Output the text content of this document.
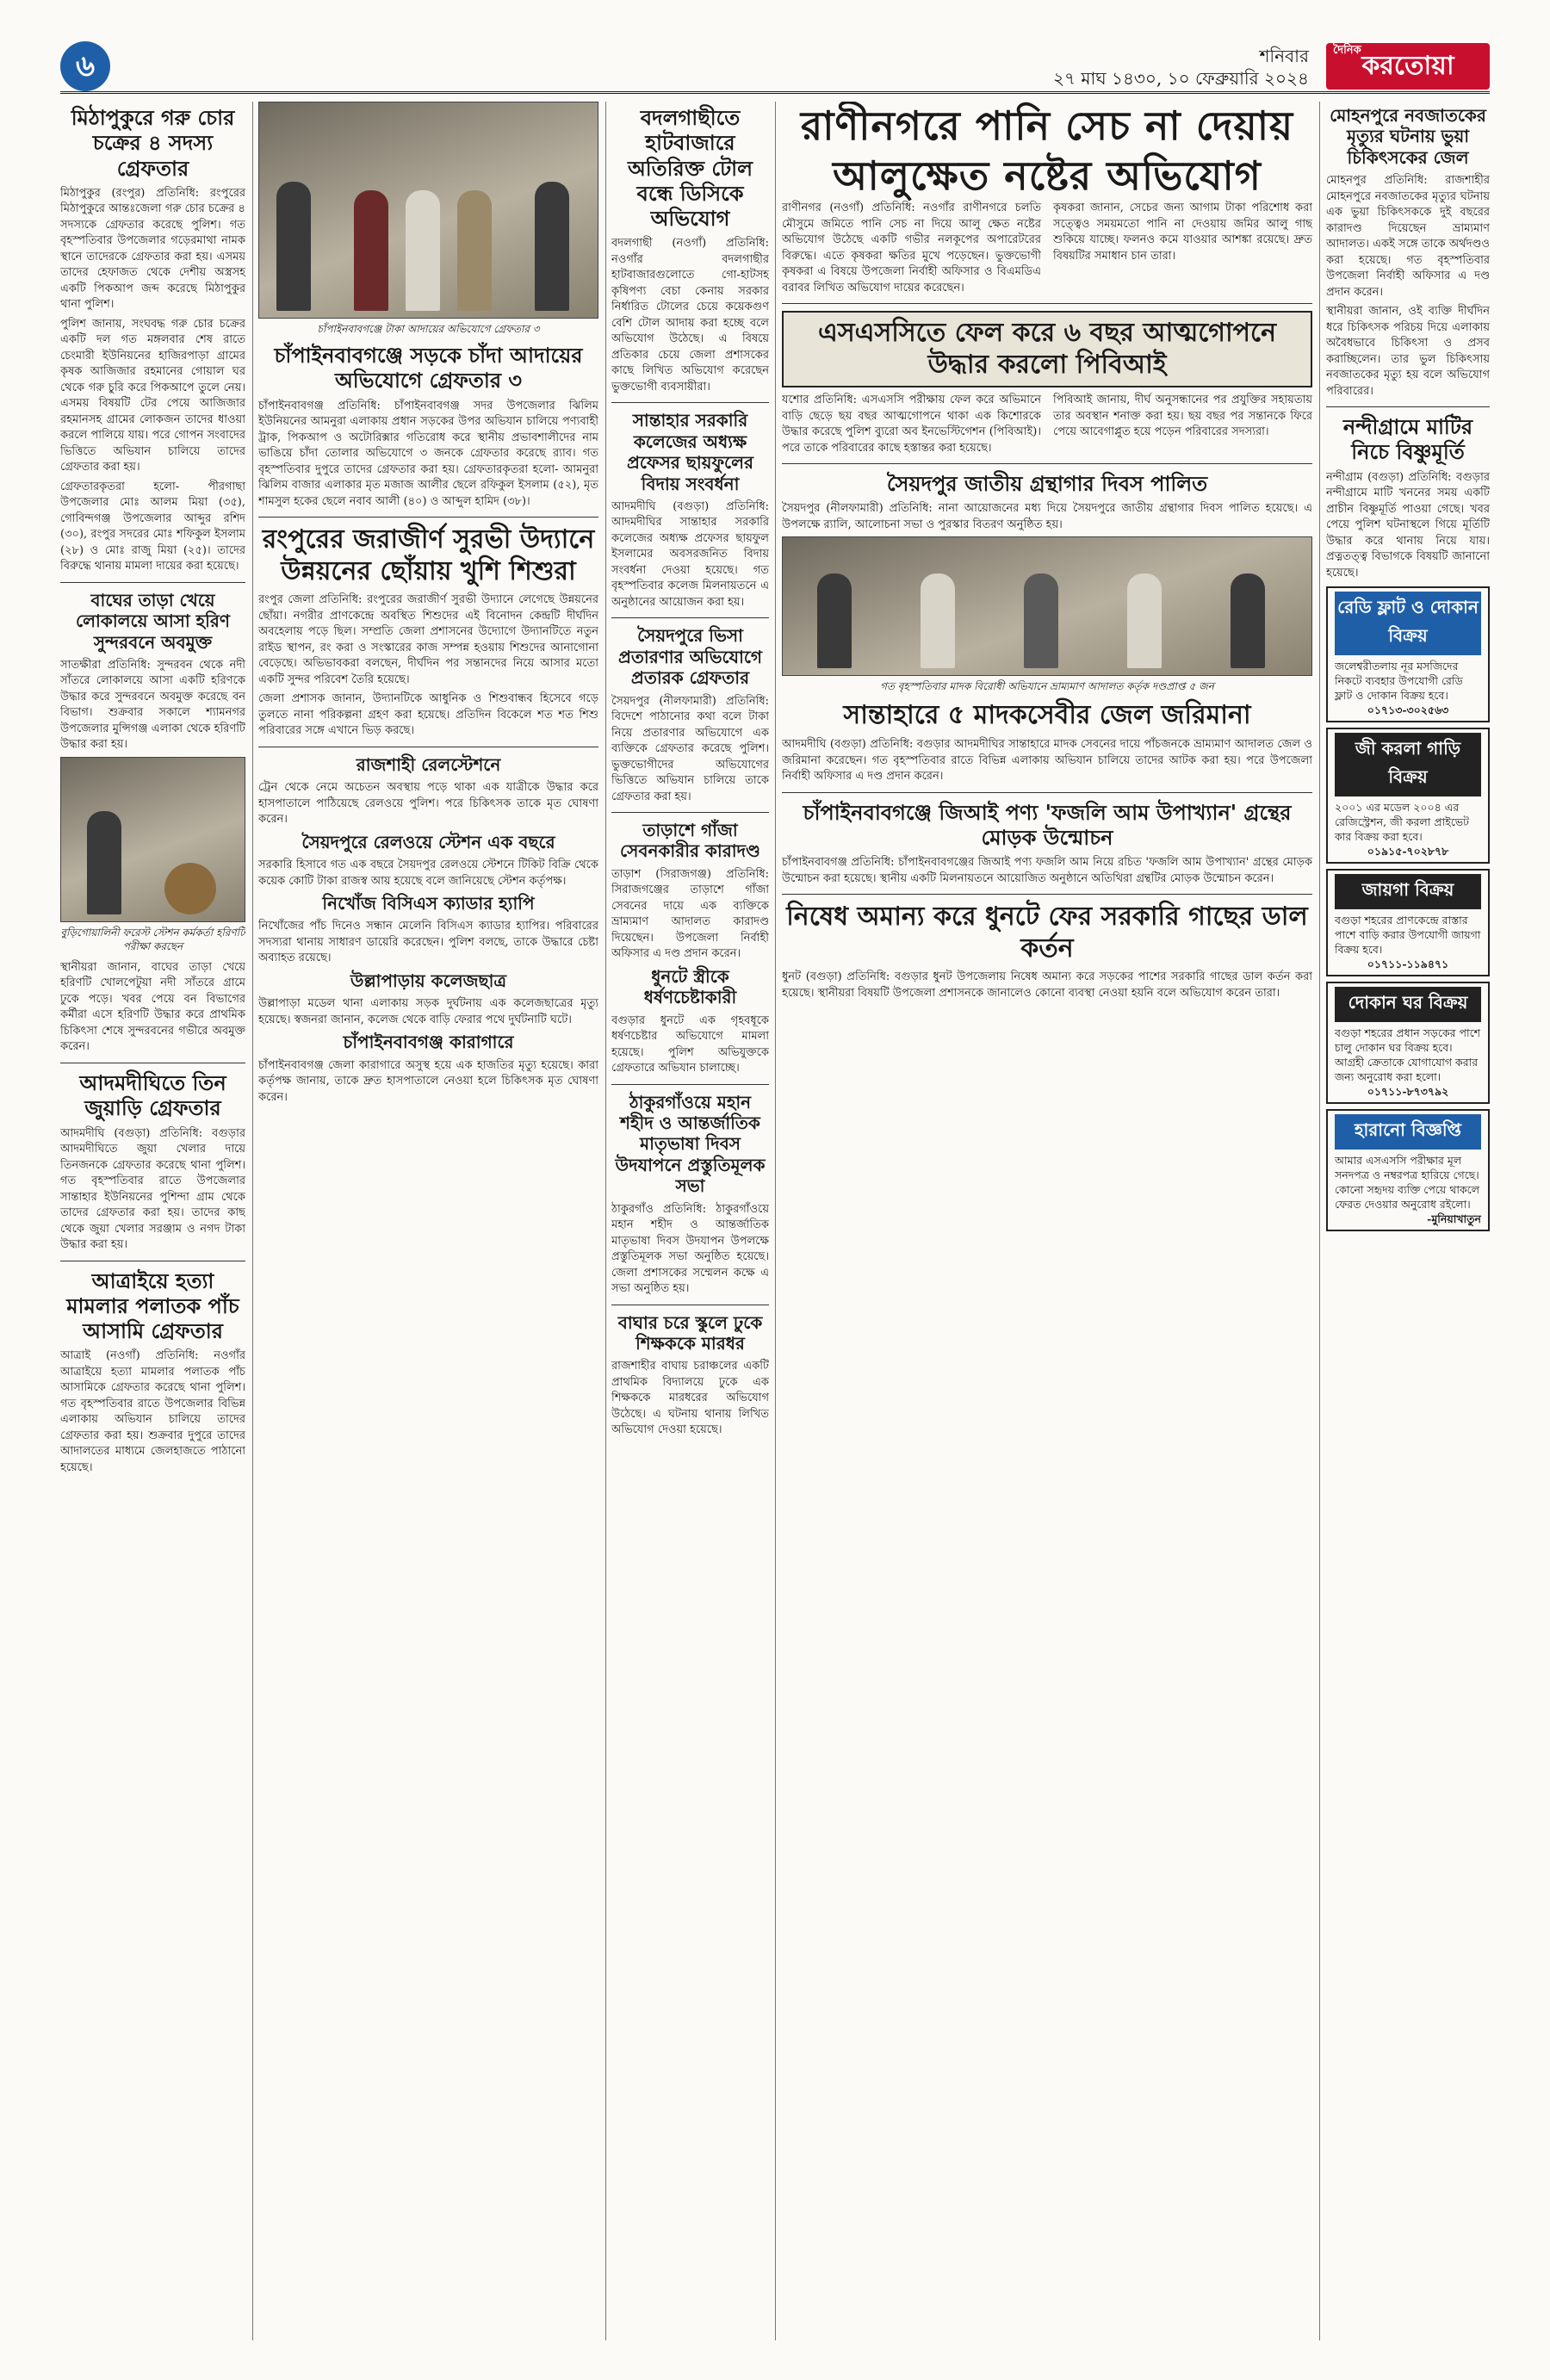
৬	শনিবার
২৭ মাঘ ১৪৩০, ১০ ফেব্রুয়ারি ২০২৪
দৈনিক
করতোয়া
মিঠাপুকুরে গরু চোর চক্রের ৪ সদস্য গ্রেফতার

মিঠাপুকুর (রংপুর) প্রতিনিধি: রংপুরের মিঠাপুকুরে আন্তঃজেলা গরু চোর চক্রের ৪ সদস্যকে গ্রেফতার করেছে পুলিশ। গত বৃহস্পতিবার উপজেলার গড়েরমাথা নামক স্থানে তাদেরকে গ্রেফতার করা হয়। এসময় তাদের হেফাজত থেকে দেশীয় অস্ত্রসহ একটি পিকআপ জব্দ করেছে মিঠাপুকুর থানা পুলিশ।

পুলিশ জানায়, সংঘবদ্ধ গরু চোর চক্রের একটি দল গত মঙ্গলবার শেষ রাতে চেংমারী ইউনিয়নের হাজিরপাড়া গ্রামের কৃষক আজিজার রহমানের গোয়াল ঘর থেকে গরু চুরি করে পিকআপে তুলে নেয়। এসময় বিষয়টি টের পেয়ে আজিজার রহমানসহ গ্রামের লোকজন তাদের ধাওয়া করলে পালিয়ে যায়। পরে গোপন সংবাদের ভিত্তিতে অভিযান চালিয়ে তাদের গ্রেফতার করা হয়।

গ্রেফতারকৃতরা হলো- পীরগাছা উপজেলার মোঃ আলম মিয়া (৩৫), গোবিন্দগঞ্জ উপজেলার আব্দুর রশিদ (৩০), রংপুর সদরের মোঃ শফিকুল ইসলাম (২৮) ও মোঃ রাজু মিয়া (২৫)। তাদের বিরুদ্ধে থানায় মামলা দায়ের করা হয়েছে।

বাঘের তাড়া খেয়ে লোকালয়ে আসা হরিণ সুন্দরবনে অবমুক্ত

সাতক্ষীরা প্রতিনিধি: সুন্দরবন থেকে নদী সাঁতরে লোকালয়ে আসা একটি হরিণকে উদ্ধার করে সুন্দরবনে অবমুক্ত করেছে বন বিভাগ। শুক্রবার সকালে শ্যামনগর উপজেলার মুন্সিগঞ্জ এলাকা থেকে হরিণটি উদ্ধার করা হয়।

বুড়িগোয়ালিনী ফরেস্ট স্টেশন কর্মকর্তা হরিণটি পরীক্ষা করছেন

স্থানীয়রা জানান, বাঘের তাড়া খেয়ে হরিণটি খোলপেটুয়া নদী সাঁতরে গ্রামে ঢুকে পড়ে। খবর পেয়ে বন বিভাগের কর্মীরা এসে হরিণটি উদ্ধার করে প্রাথমিক চিকিৎসা শেষে সুন্দরবনের গভীরে অবমুক্ত করেন।

আদমদীঘিতে তিন জুয়াড়ি গ্রেফতার

আদমদীঘি (বগুড়া) প্রতিনিধি: বগুড়ার আদমদীঘিতে জুয়া খেলার দায়ে তিনজনকে গ্রেফতার করেছে থানা পুলিশ। গত বৃহস্পতিবার রাতে উপজেলার সান্তাহার ইউনিয়নের পুশিন্দা গ্রাম থেকে তাদের গ্রেফতার করা হয়। তাদের কাছ থেকে জুয়া খেলার সরঞ্জাম ও নগদ টাকা উদ্ধার করা হয়।

আত্রাইয়ে হত্যা মামলার পলাতক পাঁচ আসামি গ্রেফতার

আত্রাই (নওগাঁ) প্রতিনিধি: নওগাঁর আত্রাইয়ে হত্যা মামলার পলাতক পাঁচ আসামিকে গ্রেফতার করেছে থানা পুলিশ। গত বৃহস্পতিবার রাতে উপজেলার বিভিন্ন এলাকায় অভিযান চালিয়ে তাদের গ্রেফতার করা হয়। শুক্রবার দুপুরে তাদের আদালতের মাধ্যমে জেলহাজতে পাঠানো হয়েছে।

চাঁপাইনবাবগঞ্জে টাকা আদায়ের অভিযোগে গ্রেফতার ৩
চাঁপাইনবাবগঞ্জে সড়কে চাঁদা আদায়ের অভিযোগে গ্রেফতার ৩

চাঁপাইনবাবগঞ্জ প্রতিনিধি: চাঁপাইনবাবগঞ্জ সদর উপজেলার ঝিলিম ইউনিয়নের আমনুরা এলাকায় প্রধান সড়কের উপর অভিযান চালিয়ে পণ্যবাহী ট্রাক, পিকআপ ও অটোরিক্সার গতিরোধ করে স্থানীয় প্রভাবশালীদের নাম ভাঙিয়ে চাঁদা তোলার অভিযোগে ৩ জনকে গ্রেফতার করেছে র‍্যাব। গত বৃহস্পতিবার দুপুরে তাদের গ্রেফতার করা হয়। গ্রেফতারকৃতরা হলো- আমনুরা ঝিলিম বাজার এলাকার মৃত মজাজ আলীর ছেলে রফিকুল ইসলাম (৫২), মৃত শামসুল হকের ছেলে নবাব আলী (৪০) ও আব্দুল হামিদ (৩৮)।

রংপুরের জরাজীর্ণ সুরভী উদ্যানে উন্নয়নের ছোঁয়ায় খুশি শিশুরা

রংপুর জেলা প্রতিনিধি: রংপুরের জরাজীর্ণ সুরভী উদ্যানে লেগেছে উন্নয়নের ছোঁয়া। নগরীর প্রাণকেন্দ্রে অবস্থিত শিশুদের এই বিনোদন কেন্দ্রটি দীর্ঘদিন অবহেলায় পড়ে ছিল। সম্প্রতি জেলা প্রশাসনের উদ্যোগে উদ্যানটিতে নতুন রাইড স্থাপন, রং করা ও সংস্কারের কাজ সম্পন্ন হওয়ায় শিশুদের আনাগোনা বেড়েছে। অভিভাবকরা বলছেন, দীর্ঘদিন পর সন্তানদের নিয়ে আসার মতো একটি সুন্দর পরিবেশ তৈরি হয়েছে।

জেলা প্রশাসক জানান, উদ্যানটিকে আধুনিক ও শিশুবান্ধব হিসেবে গড়ে তুলতে নানা পরিকল্পনা গ্রহণ করা হয়েছে। প্রতিদিন বিকেলে শত শত শিশু পরিবারের সঙ্গে এখানে ভিড় করছে।

রাজশাহী রেলস্টেশনে

ট্রেন থেকে নেমে অচেতন অবস্থায় পড়ে থাকা এক যাত্রীকে উদ্ধার করে হাসপাতালে পাঠিয়েছে রেলওয়ে পুলিশ। পরে চিকিৎসক তাকে মৃত ঘোষণা করেন।

সৈয়দপুরে রেলওয়ে স্টেশন এক বছরে

সরকারি হিসাবে গত এক বছরে সৈয়দপুর রেলওয়ে স্টেশনে টিকিট বিক্রি থেকে কয়েক কোটি টাকা রাজস্ব আয় হয়েছে বলে জানিয়েছে স্টেশন কর্তৃপক্ষ।

নিখোঁজ বিসিএস ক্যাডার হ্যাপি

নিখোঁজের পাঁচ দিনেও সন্ধান মেলেনি বিসিএস ক্যাডার হ্যাপির। পরিবারের সদস্যরা থানায় সাধারণ ডায়েরি করেছেন। পুলিশ বলছে, তাকে উদ্ধারে চেষ্টা অব্যাহত রয়েছে।

উল্লাপাড়ায় কলেজছাত্র

উল্লাপাড়া মডেল থানা এলাকায় সড়ক দুর্ঘটনায় এক কলেজছাত্রের মৃত্যু হয়েছে। স্বজনরা জানান, কলেজ থেকে বাড়ি ফেরার পথে দুর্ঘটনাটি ঘটে।

চাঁপাইনবাবগঞ্জ কারাগারে

চাঁপাইনবাবগঞ্জ জেলা কারাগারে অসুস্থ হয়ে এক হাজতির মৃত্যু হয়েছে। কারা কর্তৃপক্ষ জানায়, তাকে দ্রুত হাসপাতালে নেওয়া হলে চিকিৎসক মৃত ঘোষণা করেন।

বদলগাছীতে হাটবাজারে অতিরিক্ত টোল বন্ধে ডিসিকে অভিযোগ

বদলগাছী (নওগাঁ) প্রতিনিধি: নওগাঁর বদলগাছীর হাটবাজারগুলোতে গো-হাটসহ কৃষিপণ্য বেচা কেনায় সরকার নির্ধারিত টোলের চেয়ে কয়েকগুণ বেশি টোল আদায় করা হচ্ছে বলে অভিযোগ উঠেছে। এ বিষয়ে প্রতিকার চেয়ে জেলা প্রশাসকের কাছে লিখিত অভিযোগ করেছেন ভুক্তভোগী ব্যবসায়ীরা।

সান্তাহার সরকারি কলেজের অধ্যক্ষ প্রফেসর ছায়ফুলের বিদায় সংবর্ধনা

আদমদীঘি (বগুড়া) প্রতিনিধি: আদমদীঘির সান্তাহার সরকারি কলেজের অধ্যক্ষ প্রফেসর ছায়ফুল ইসলামের অবসরজনিত বিদায় সংবর্ধনা দেওয়া হয়েছে। গত বৃহস্পতিবার কলেজ মিলনায়তনে এ অনুষ্ঠানের আয়োজন করা হয়।

সৈয়দপুরে ভিসা প্রতারণার অভিযোগে প্রতারক গ্রেফতার

সৈয়দপুর (নীলফামারী) প্রতিনিধি: বিদেশে পাঠানোর কথা বলে টাকা নিয়ে প্রতারণার অভিযোগে এক ব্যক্তিকে গ্রেফতার করেছে পুলিশ। ভুক্তভোগীদের অভিযোগের ভিত্তিতে অভিযান চালিয়ে তাকে গ্রেফতার করা হয়।

তাড়াশে গাঁজা সেবনকারীর কারাদণ্ড

তাড়াশ (সিরাজগঞ্জ) প্রতিনিধি: সিরাজগঞ্জের তাড়াশে গাঁজা সেবনের দায়ে এক ব্যক্তিকে ভ্রাম্যমাণ আদালত কারাদণ্ড দিয়েছেন। উপজেলা নির্বাহী অফিসার এ দণ্ড প্রদান করেন।

ধুনটে স্ত্রীকে ধর্ষণচেষ্টাকারী

বগুড়ার ধুনটে এক গৃহবধূকে ধর্ষণচেষ্টার অভিযোগে মামলা হয়েছে। পুলিশ অভিযুক্তকে গ্রেফতারে অভিযান চালাচ্ছে।

ঠাকুরগাঁওয়ে মহান শহীদ ও আন্তর্জাতিক মাতৃভাষা দিবস উদযাপনে প্রস্তুতিমূলক সভা

ঠাকুরগাঁও প্রতিনিধি: ঠাকুরগাঁওয়ে মহান শহীদ ও আন্তর্জাতিক মাতৃভাষা দিবস উদযাপন উপলক্ষে প্রস্তুতিমূলক সভা অনুষ্ঠিত হয়েছে। জেলা প্রশাসকের সম্মেলন কক্ষে এ সভা অনুষ্ঠিত হয়।

বাঘার চরে স্কুলে ঢুকে শিক্ষককে মারধর

রাজশাহীর বাঘায় চরাঞ্চলের একটি প্রাথমিক বিদ্যালয়ে ঢুকে এক শিক্ষককে মারধরের অভিযোগ উঠেছে। এ ঘটনায় থানায় লিখিত অভিযোগ দেওয়া হয়েছে।

রাণীনগরে পানি সেচ না দেয়ায় আলুক্ষেত নষ্টের অভিযোগ

রাণীনগর (নওগাঁ) প্রতিনিধি: নওগাঁর রাণীনগরে চলতি মৌসুমে জমিতে পানি সেচ না দিয়ে আলু ক্ষেত নষ্টের অভিযোগ উঠেছে একটি গভীর নলকূপের অপারেটরের বিরুদ্ধে। এতে কৃষকরা ক্ষতির মুখে পড়েছেন। ভুক্তভোগী কৃষকরা এ বিষয়ে উপজেলা নির্বাহী অফিসার ও বিএমডিএ বরাবর লিখিত অভিযোগ দায়ের করেছেন।

কৃষকরা জানান, সেচের জন্য আগাম টাকা পরিশোধ করা সত্ত্বেও সময়মতো পানি না দেওয়ায় জমির আলু গাছ শুকিয়ে যাচ্ছে। ফলনও কমে যাওয়ার আশঙ্কা রয়েছে। দ্রুত বিষয়টির সমাধান চান তারা।

এসএসসিতে ফেল করে ৬ বছর আত্মগোপনে উদ্ধার করলো পিবিআই

যশোর প্রতিনিধি: এসএসসি পরীক্ষায় ফেল করে অভিমানে বাড়ি ছেড়ে ছয় বছর আত্মগোপনে থাকা এক কিশোরকে উদ্ধার করেছে পুলিশ ব্যুরো অব ইনভেস্টিগেশন (পিবিআই)। পরে তাকে পরিবারের কাছে হস্তান্তর করা হয়েছে।

পিবিআই জানায়, দীর্ঘ অনুসন্ধানের পর প্রযুক্তির সহায়তায় তার অবস্থান শনাক্ত করা হয়। ছয় বছর পর সন্তানকে ফিরে পেয়ে আবেগাপ্লুত হয়ে পড়েন পরিবারের সদস্যরা।

সৈয়দপুর জাতীয় গ্রন্থাগার দিবস পালিত

সৈয়দপুর (নীলফামারী) প্রতিনিধি: নানা আয়োজনের মধ্য দিয়ে সৈয়দপুরে জাতীয় গ্রন্থাগার দিবস পালিত হয়েছে। এ উপলক্ষে র‍্যালি, আলোচনা সভা ও পুরস্কার বিতরণ অনুষ্ঠিত হয়।

গত বৃহস্পতিবার মাদক বিরোধী অভিযানে ভ্রাম্যমাণ আদালত কর্তৃক দণ্ডপ্রাপ্ত ৫ জন
সান্তাহারে ৫ মাদকসেবীর জেল জরিমানা

আদমদীঘি (বগুড়া) প্রতিনিধি: বগুড়ার আদমদীঘির সান্তাহারে মাদক সেবনের দায়ে পাঁচজনকে ভ্রাম্যমাণ আদালত জেল ও জরিমানা করেছেন। গত বৃহস্পতিবার রাতে বিভিন্ন এলাকায় অভিযান চালিয়ে তাদের আটক করা হয়। পরে উপজেলা নির্বাহী অফিসার এ দণ্ড প্রদান করেন।

চাঁপাইনবাবগঞ্জে জিআই পণ্য 'ফজলি আম উপাখ্যান' গ্রন্থের মোড়ক উন্মোচন

চাঁপাইনবাবগঞ্জ প্রতিনিধি: চাঁপাইনবাবগঞ্জের জিআই পণ্য ফজলি আম নিয়ে রচিত 'ফজলি আম উপাখ্যান' গ্রন্থের মোড়ক উন্মোচন করা হয়েছে। স্থানীয় একটি মিলনায়তনে আয়োজিত অনুষ্ঠানে অতিথিরা গ্রন্থটির মোড়ক উন্মোচন করেন।

নিষেধ অমান্য করে ধুনটে ফের সরকারি গাছের ডাল কর্তন

ধুনট (বগুড়া) প্রতিনিধি: বগুড়ার ধুনট উপজেলায় নিষেধ অমান্য করে সড়কের পাশের সরকারি গাছের ডাল কর্তন করা হয়েছে। স্থানীয়রা বিষয়টি উপজেলা প্রশাসনকে জানালেও কোনো ব্যবস্থা নেওয়া হয়নি বলে অভিযোগ করেন তারা।

মোহনপুরে নবজাতকের মৃত্যুর ঘটনায় ভুয়া চিকিৎসকের জেল

মোহনপুর প্রতিনিধি: রাজশাহীর মোহনপুরে নবজাতকের মৃত্যুর ঘটনায় এক ভুয়া চিকিৎসককে দুই বছরের কারাদণ্ড দিয়েছেন ভ্রাম্যমাণ আদালত। একই সঙ্গে তাকে অর্থদণ্ডও করা হয়েছে। গত বৃহস্পতিবার উপজেলা নির্বাহী অফিসার এ দণ্ড প্রদান করেন।

স্থানীয়রা জানান, ওই ব্যক্তি দীর্ঘদিন ধরে চিকিৎসক পরিচয় দিয়ে এলাকায় অবৈধভাবে চিকিৎসা ও প্রসব করাচ্ছিলেন। তার ভুল চিকিৎসায় নবজাতকের মৃত্যু হয় বলে অভিযোগ পরিবারের।

নন্দীগ্রামে মাটির নিচে বিষ্ণুমূর্তি

নন্দীগ্রাম (বগুড়া) প্রতিনিধি: বগুড়ার নন্দীগ্রামে মাটি খননের সময় একটি প্রাচীন বিষ্ণুমূর্তি পাওয়া গেছে। খবর পেয়ে পুলিশ ঘটনাস্থলে গিয়ে মূর্তিটি উদ্ধার করে থানায় নিয়ে যায়। প্রত্নতত্ত্ব বিভাগকে বিষয়টি জানানো হয়েছে।

রেডি ফ্লাট ও দোকান বিক্রয়
জলেশ্বরীতলায় নূর মসজিদের নিকটে ব্যবহার উপযোগী রেডি ফ্লাট ও দোকান বিক্রয় হবে।
০১৭১৩-৩০২৫৬৩
জী করলা গাড়ি বিক্রয়
২০০১ এর মডেল ২০০৪ এর রেজিস্ট্রেশন, জী করলা প্রাইভেট কার বিক্রয় করা হবে।
০১৯১৫-৭০২৮৭৮
জায়গা বিক্রয়
বগুড়া শহরের প্রাণকেন্দ্রে রাস্তার পাশে বাড়ি করার উপযোগী জায়গা বিক্রয় হবে।
০১৭১১-১১৯৪৭১
দোকান ঘর বিক্রয়
বগুড়া শহরের প্রধান সড়কের পাশে চালু দোকান ঘর বিক্রয় হবে। আগ্রহী ক্রেতাকে যোগাযোগ করার জন্য অনুরোধ করা হলো।
০১৭১১-৮৭৩৭৯২
হারানো বিজ্ঞপ্তি
আমার এসএসসি পরীক্ষার মূল সনদপত্র ও নম্বরপত্র হারিয়ে গেছে। কোনো সহৃদয় ব্যক্তি পেয়ে থাকলে ফেরত দেওয়ার অনুরোধ রইলো।
-মুনিয়াখাতুন
